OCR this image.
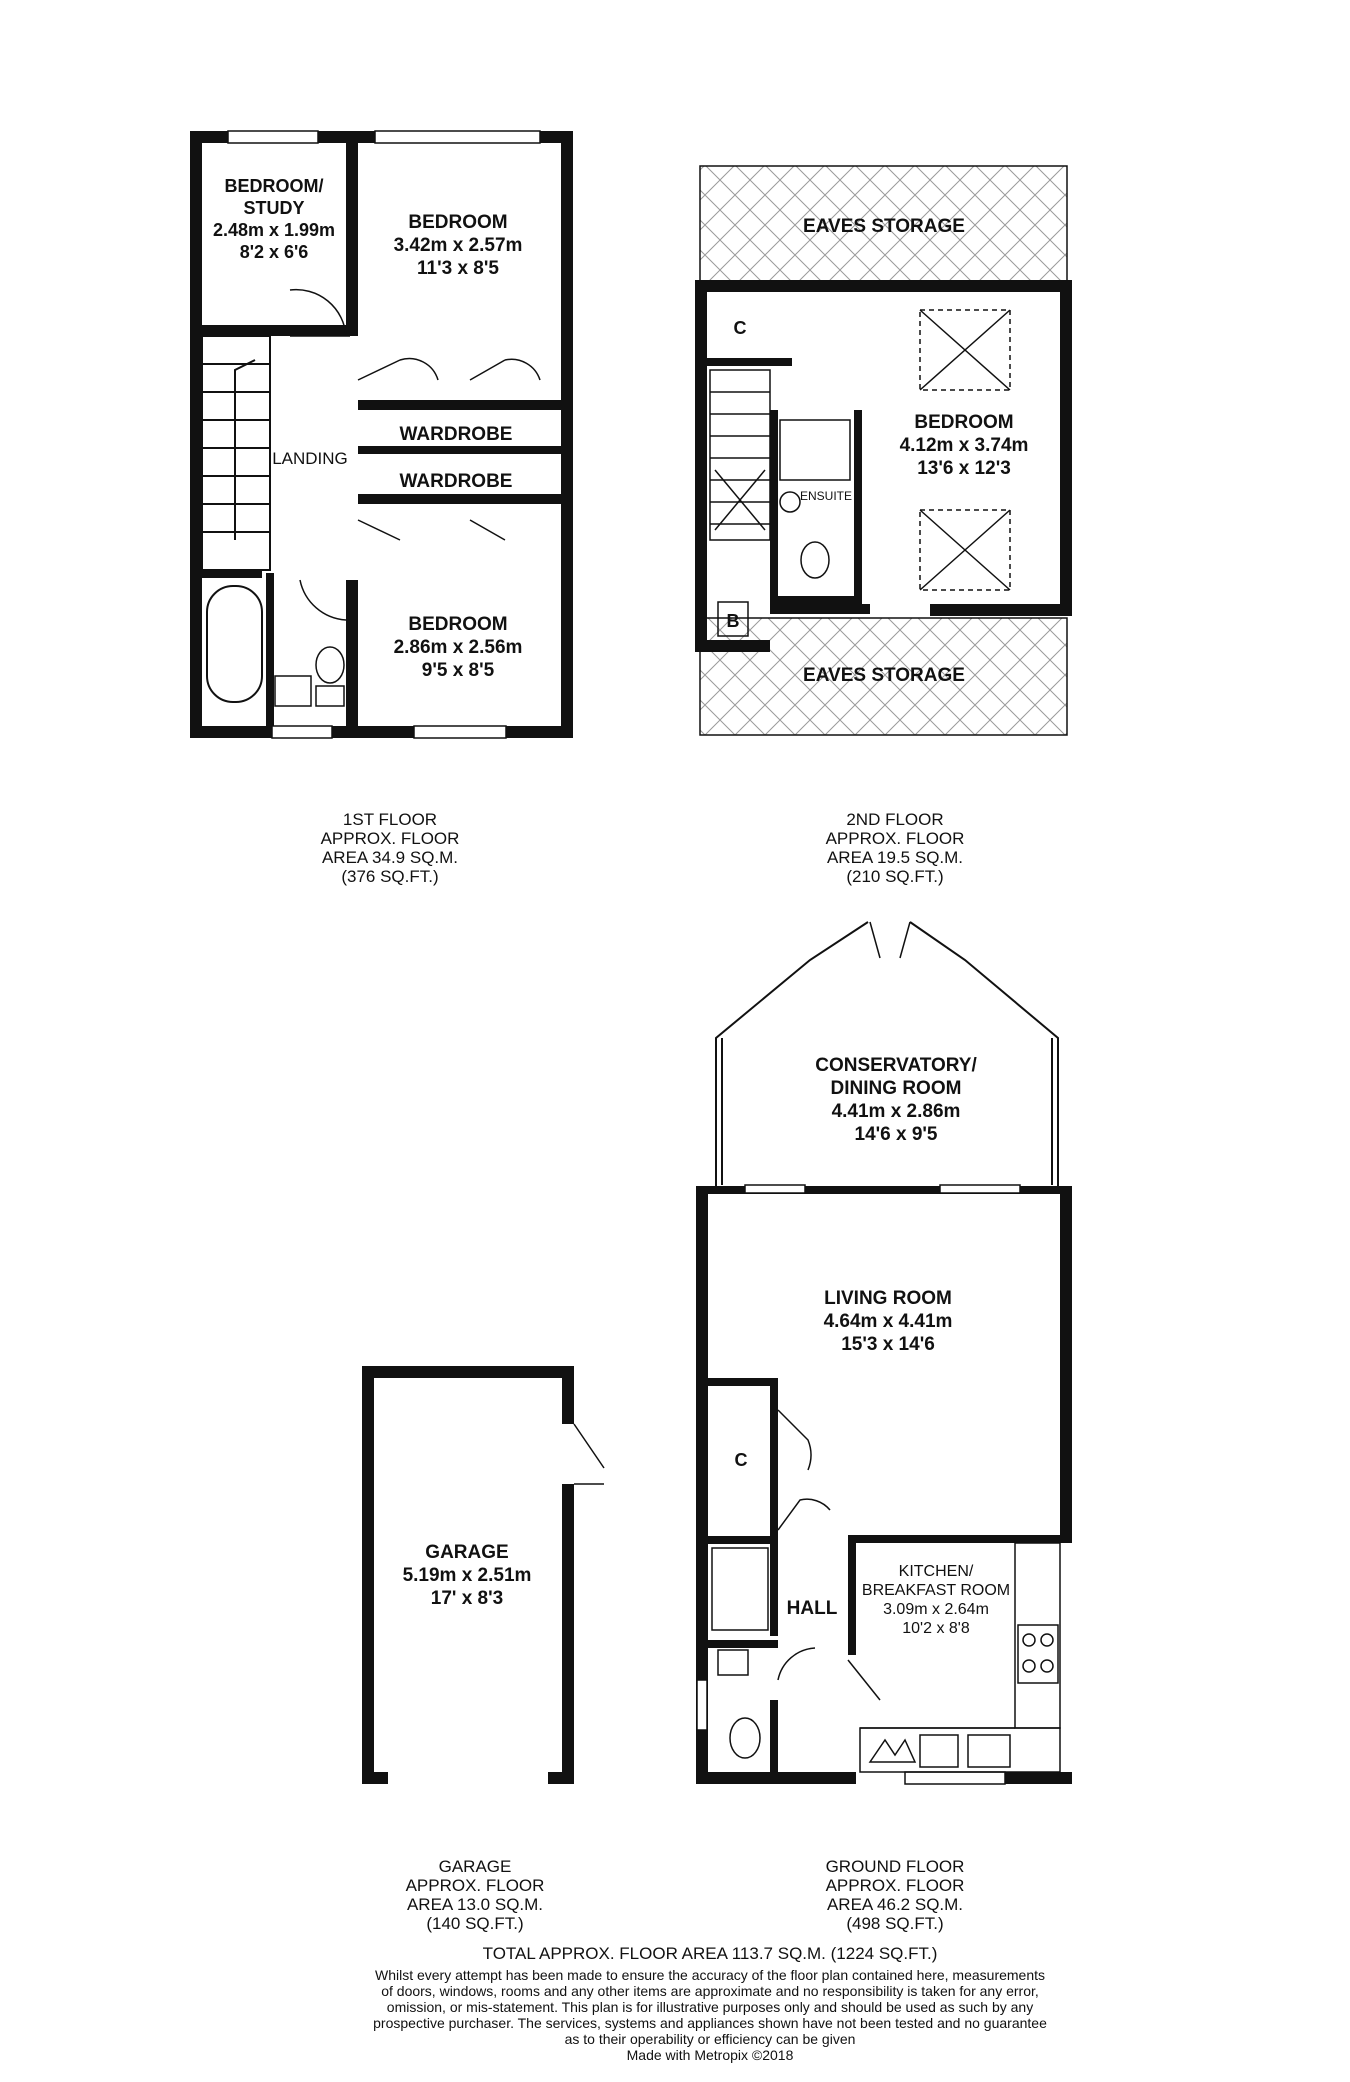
BEDROOM/
STUDY
2.48m x 1.99m
8'2 x 6'6
BEDROOM
3.42m x 2.57m
11'3 x 8'5
WARDROBE
WARDROBE
LANDING
BEDROOM
2.86m x 2.56m
9'5 x 8'5
EAVES STORAGE
EAVES STORAGE
C
B
ENSUITE
BEDROOM
4.12m x 3.74m
13'6 x 12'3
CONSERVATORY/
DINING ROOM
4.41m x 2.86m
14'6 x 9'5
LIVING ROOM
4.64m x 4.41m
15'3 x 14'6
C
HALL
KITCHEN/
BREAKFAST ROOM
3.09m x 2.64m
10'2 x 8'8
GARAGE
5.19m x 2.51m
17' x 8'3
1ST FLOOR
APPROX. FLOOR
AREA 34.9 SQ.M.
(376 SQ.FT.)
2ND FLOOR
APPROX. FLOOR
AREA 19.5 SQ.M.
(210 SQ.FT.)
GARAGE
APPROX. FLOOR
AREA 13.0 SQ.M.
(140 SQ.FT.)
GROUND FLOOR
APPROX. FLOOR
AREA 46.2 SQ.M.
(498 SQ.FT.)
TOTAL APPROX. FLOOR AREA 113.7 SQ.M. (1224 SQ.FT.)
Whilst every attempt has been made to ensure the accuracy of the floor plan contained here, measurements
of doors, windows, rooms and any other items are approximate and no responsibility is taken for any error,
omission, or mis-statement. This plan is for illustrative purposes only and should be used as such by any
prospective purchaser. The services, systems and appliances shown have not been tested and no guarantee
as to their operability or efficiency can be given
Made with Metropix ©2018
